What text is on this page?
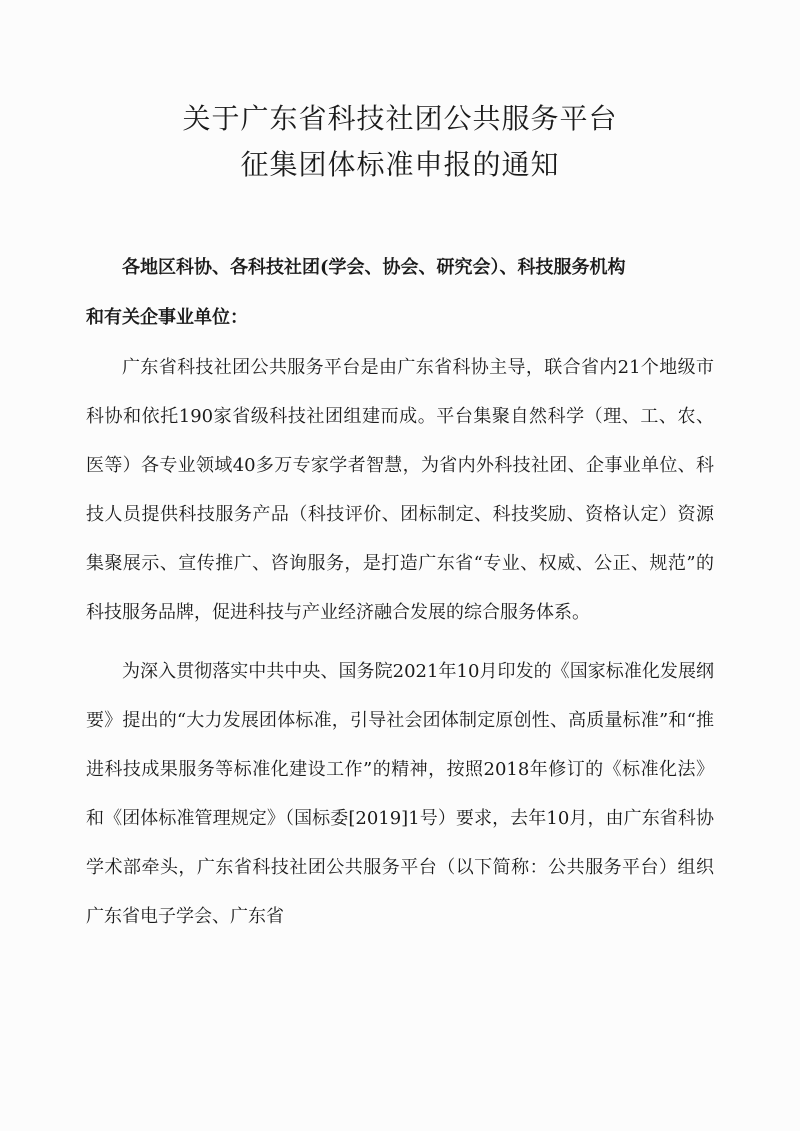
关于广东省科技社团公共服务平台
征集团体标准申报的通知

各地区科协、各科技社团(学会、协会、研究会）、科技服务机构
和有关企事业单位：

广东省科技社团公共服务平台是由广东省科协主导，联合省内21个地级市科协和依托190家省级科技社团组建而成。平台集聚自然科学（理、工、农、医等）各专业领域40多万专家学者智慧，为省内外科技社团、企事业单位、科技人员提供科技服务产品（科技评价、团标制定、科技奖励、资格认定）资源集聚展示、宣传推广、咨询服务，是打造广东省“专业、权威、公正、规范”的科技服务品牌，促进科技与产业经济融合发展的综合服务体系。

为深入贯彻落实中共中央、国务院2021年10月印发的《国家标准化发展纲要》提出的“大力发展团体标准，引导社会团体制定原创性、高质量标准”和“推进科技成果服务等标准化建设工作”的精神，按照2018年修订的《标准化法》和《团体标准管理规定》（国标委[2019]1号）要求，去年10月，由广东省科协学术部牵头，广东省科技社团公共服务平台（以下简称：公共服务平台）组织广东省电子学会、广东省
